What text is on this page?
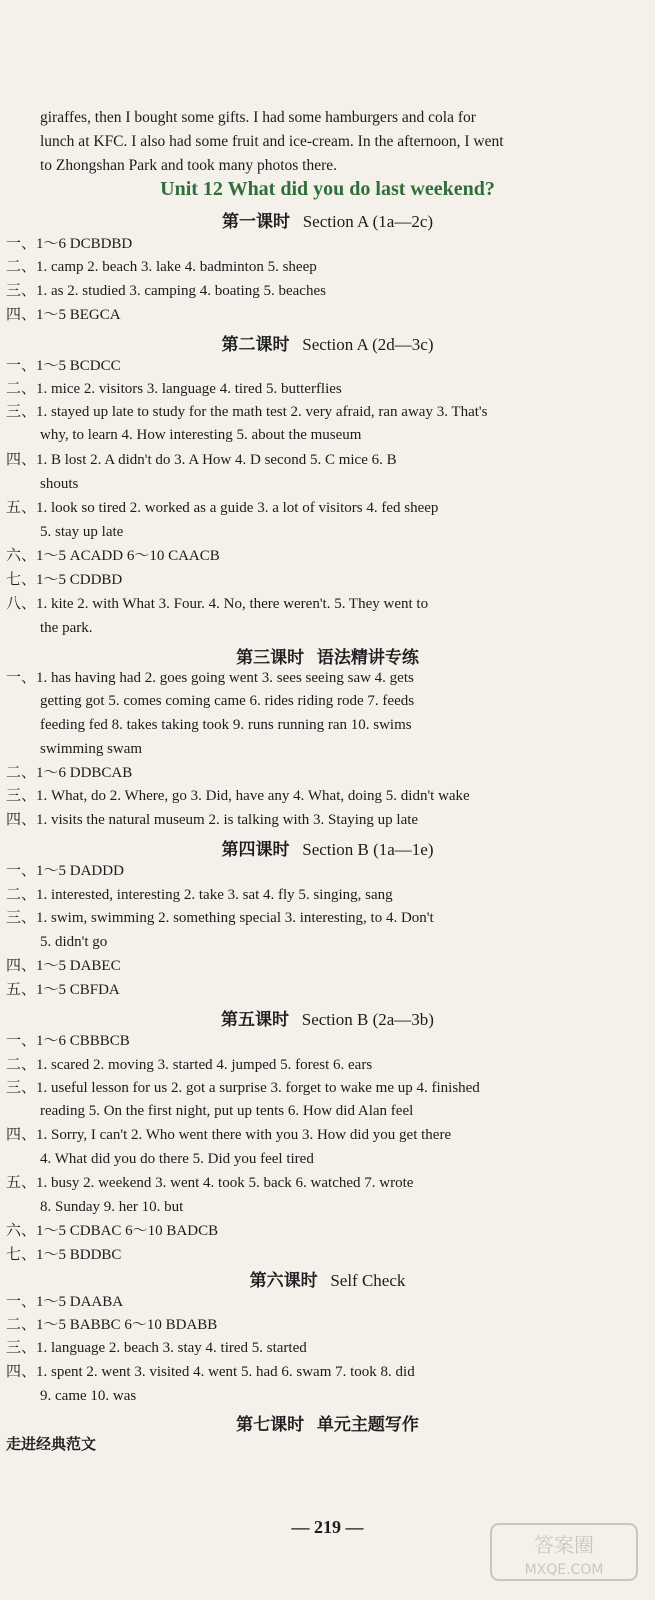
giraffes, then I bought some gifts. I had some hamburgers and cola for

lunch at KFC. I also had some fruit and ice-cream. In the afternoon, I went

to Zhongshan Park and took many photos there.

Unit 12 What did you do last weekend?
第一课时 Section A (1a—2c)
一、1～6 DCBDBD
二、1. camp 2. beach 3. lake 4. badminton 5. sheep
三、1. as 2. studied 3. camping 4. boating 5. beaches
四、1～5 BEGCA
第二课时 Section A (2d—3c)
一、1～5 BCDCC
二、1. mice 2. visitors 3. language 4. tired 5. butterflies
三、1. stayed up late to study for the math test 2. very afraid, ran away 3. That's
why, to learn 4. How interesting 5. about the museum
四、1. B lost 2. A didn't do 3. A How 4. D second 5. C mice 6. B
shouts
五、1. look so tired 2. worked as a guide 3. a lot of visitors 4. fed sheep
5. stay up late
六、1～5 ACADD 6～10 CAACB
七、1～5 CDDBD
八、1. kite 2. with What 3. Four. 4. No, there weren't. 5. They went to
the park.
第三课时 语法精讲专练
一、1. has having had 2. goes going went 3. sees seeing saw 4. gets
getting got 5. comes coming came 6. rides riding rode 7. feeds
feeding fed 8. takes taking took 9. runs running ran 10. swims
swimming swam
二、1～6 DDBCAB
三、1. What, do 2. Where, go 3. Did, have any 4. What, doing 5. didn't wake
四、1. visits the natural museum 2. is talking with 3. Staying up late
第四课时 Section B (1a—1e)
一、1～5 DADDD
二、1. interested, interesting 2. take 3. sat 4. fly 5. singing, sang
三、1. swim, swimming 2. something special 3. interesting, to 4. Don't
5. didn't go
四、1～5 DABEC
五、1～5 CBFDA
第五课时 Section B (2a—3b)
一、1～6 CBBBCB
二、1. scared 2. moving 3. started 4. jumped 5. forest 6. ears
三、1. useful lesson for us 2. got a surprise 3. forget to wake me up 4. finished
reading 5. On the first night, put up tents 6. How did Alan feel
四、1. Sorry, I can't 2. Who went there with you 3. How did you get there
4. What did you do there 5. Did you feel tired
五、1. busy 2. weekend 3. went 4. took 5. back 6. watched 7. wrote
8. Sunday 9. her 10. but
六、1～5 CDBAC 6～10 BADCB
七、1～5 BDDBC
第六课时 Self Check
一、1～5 DAABA
二、1～5 BABBC 6～10 BDABB
三、1. language 2. beach 3. stay 4. tired 5. started
四、1. spent 2. went 3. visited 4. went 5. had 6. swam 7. took 8. did
9. came 10. was
第七课时 单元主题写作
走进经典范文
— 219 —
答案圈
MXQE.COM
